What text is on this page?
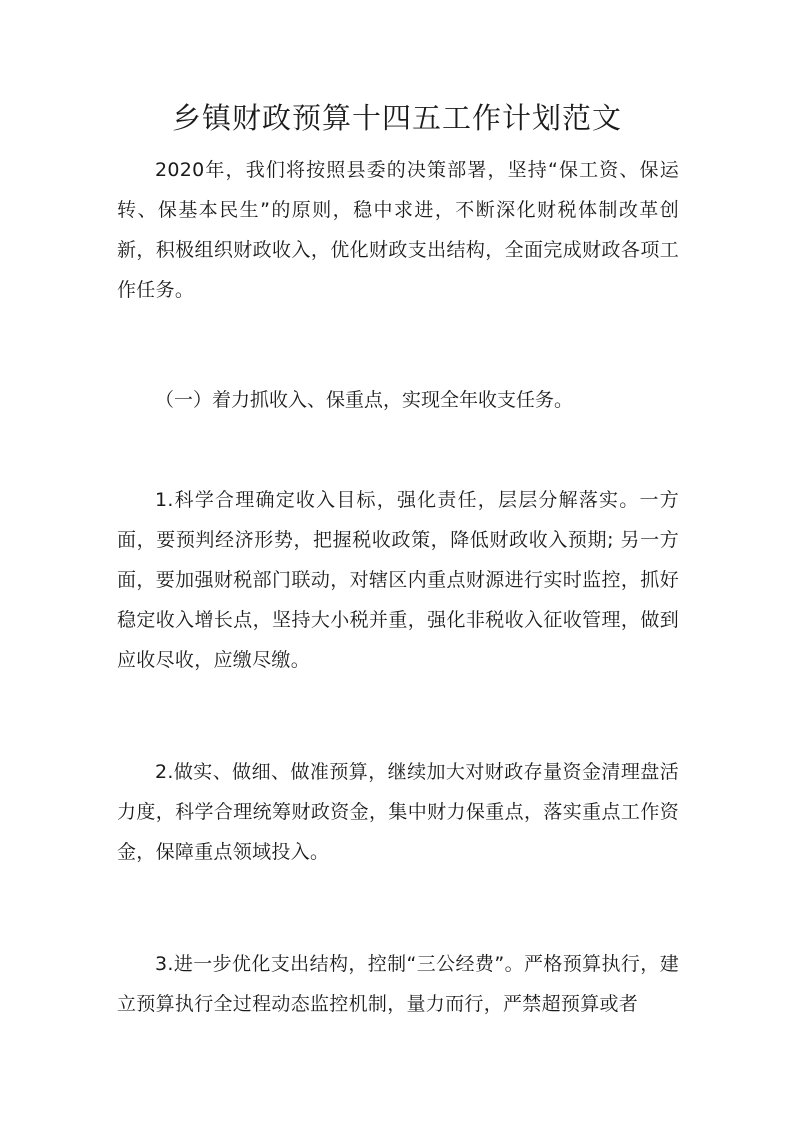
乡镇财政预算十四五工作计划范文
2020年，我们将按照县委的决策部署，坚持“保工资、保运转、保基本民生”的原则，稳中求进，不断深化财税体制改革创新，积极组织财政收入，优化财政支出结构，全面完成财政各项工作任务。
（一）着力抓收入、保重点，实现全年收支任务。
1.科学合理确定收入目标，强化责任，层层分解落实。一方面，要预判经济形势，把握税收政策，降低财政收入预期; 另一方面，要加强财税部门联动，对辖区内重点财源进行实时监控，抓好稳定收入增长点，坚持大小税并重，强化非税收入征收管理，做到应收尽收，应缴尽缴。
2.做实、做细、做准预算，继续加大对财政存量资金清理盘活力度，科学合理统筹财政资金，集中财力保重点，落实重点工作资金，保障重点领域投入。
3.进一步优化支出结构，控制“三公经费”。严格预算执行，建立预算执行全过程动态监控机制，量力而行，严禁超预算或者
